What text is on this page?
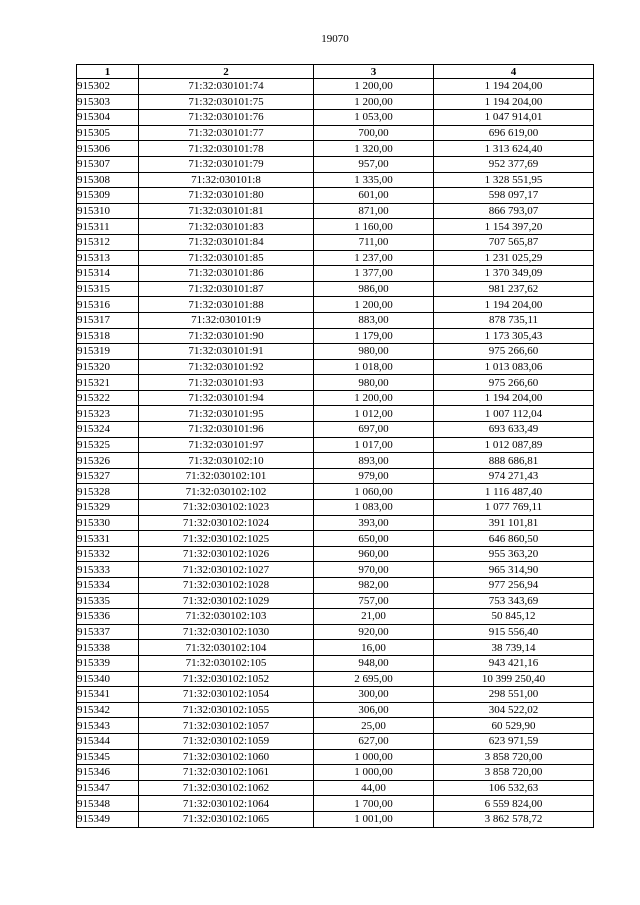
19070
1	2	3	4
915302	71:32:030101:74	1 200,00	1 194 204,00
915303	71:32:030101:75	1 200,00	1 194 204,00
915304	71:32:030101:76	1 053,00	1 047 914,01
915305	71:32:030101:77	700,00	696 619,00
915306	71:32:030101:78	1 320,00	1 313 624,40
915307	71:32:030101:79	957,00	952 377,69
915308	71:32:030101:8	1 335,00	1 328 551,95
915309	71:32:030101:80	601,00	598 097,17
915310	71:32:030101:81	871,00	866 793,07
915311	71:32:030101:83	1 160,00	1 154 397,20
915312	71:32:030101:84	711,00	707 565,87
915313	71:32:030101:85	1 237,00	1 231 025,29
915314	71:32:030101:86	1 377,00	1 370 349,09
915315	71:32:030101:87	986,00	981 237,62
915316	71:32:030101:88	1 200,00	1 194 204,00
915317	71:32:030101:9	883,00	878 735,11
915318	71:32:030101:90	1 179,00	1 173 305,43
915319	71:32:030101:91	980,00	975 266,60
915320	71:32:030101:92	1 018,00	1 013 083,06
915321	71:32:030101:93	980,00	975 266,60
915322	71:32:030101:94	1 200,00	1 194 204,00
915323	71:32:030101:95	1 012,00	1 007 112,04
915324	71:32:030101:96	697,00	693 633,49
915325	71:32:030101:97	1 017,00	1 012 087,89
915326	71:32:030102:10	893,00	888 686,81
915327	71:32:030102:101	979,00	974 271,43
915328	71:32:030102:102	1 060,00	1 116 487,40
915329	71:32:030102:1023	1 083,00	1 077 769,11
915330	71:32:030102:1024	393,00	391 101,81
915331	71:32:030102:1025	650,00	646 860,50
915332	71:32:030102:1026	960,00	955 363,20
915333	71:32:030102:1027	970,00	965 314,90
915334	71:32:030102:1028	982,00	977 256,94
915335	71:32:030102:1029	757,00	753 343,69
915336	71:32:030102:103	21,00	50 845,12
915337	71:32:030102:1030	920,00	915 556,40
915338	71:32:030102:104	16,00	38 739,14
915339	71:32:030102:105	948,00	943 421,16
915340	71:32:030102:1052	2 695,00	10 399 250,40
915341	71:32:030102:1054	300,00	298 551,00
915342	71:32:030102:1055	306,00	304 522,02
915343	71:32:030102:1057	25,00	60 529,90
915344	71:32:030102:1059	627,00	623 971,59
915345	71:32:030102:1060	1 000,00	3 858 720,00
915346	71:32:030102:1061	1 000,00	3 858 720,00
915347	71:32:030102:1062	44,00	106 532,63
915348	71:32:030102:1064	1 700,00	6 559 824,00
915349	71:32:030102:1065	1 001,00	3 862 578,72
